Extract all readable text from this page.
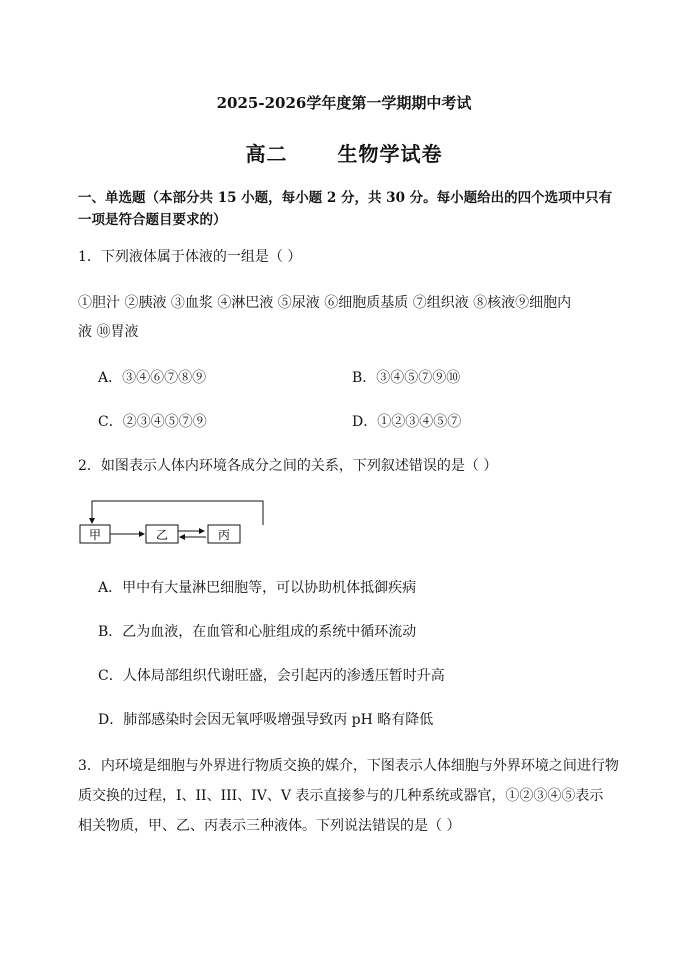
2025-2026学年度第一学期期中考试
高二 生物学试卷
一、单选题（本部分共 15 小题，每小题 2 分，共 30 分。每小题给出的四个选项中只有
一项是符合题目要求的）
1．下列液体属于体液的一组是（ ）
①胆汁 ②胰液 ③血浆 ④淋巴液 ⑤尿液 ⑥细胞质基质 ⑦组织液 ⑧核液⑨细胞内
液 ⑩胃液
A．③④⑥⑦⑧⑨	B．③④⑤⑦⑨⑩
C．②③④⑤⑦⑨	D．①②③④⑤⑦
2．如图表示人体内环境各成分之间的关系，下列叙述错误的是（ ）
甲	乙	丙
A．甲中有大量淋巴细胞等，可以协助机体抵御疾病
B．乙为血液，在血管和心脏组成的系统中循环流动
C．人体局部组织代谢旺盛，会引起丙的渗透压暂时升高
D．肺部感染时会因无氧呼吸增强导致丙 pH 略有降低
3．内环境是细胞与外界进行物质交换的媒介，下图表示人体细胞与外界环境之间进行物
质交换的过程，I、II、III、IV、V 表示直接参与的几种系统或器官，①②③④⑤表示
相关物质，甲、乙、丙表示三种液体。下列说法错误的是（ ）
